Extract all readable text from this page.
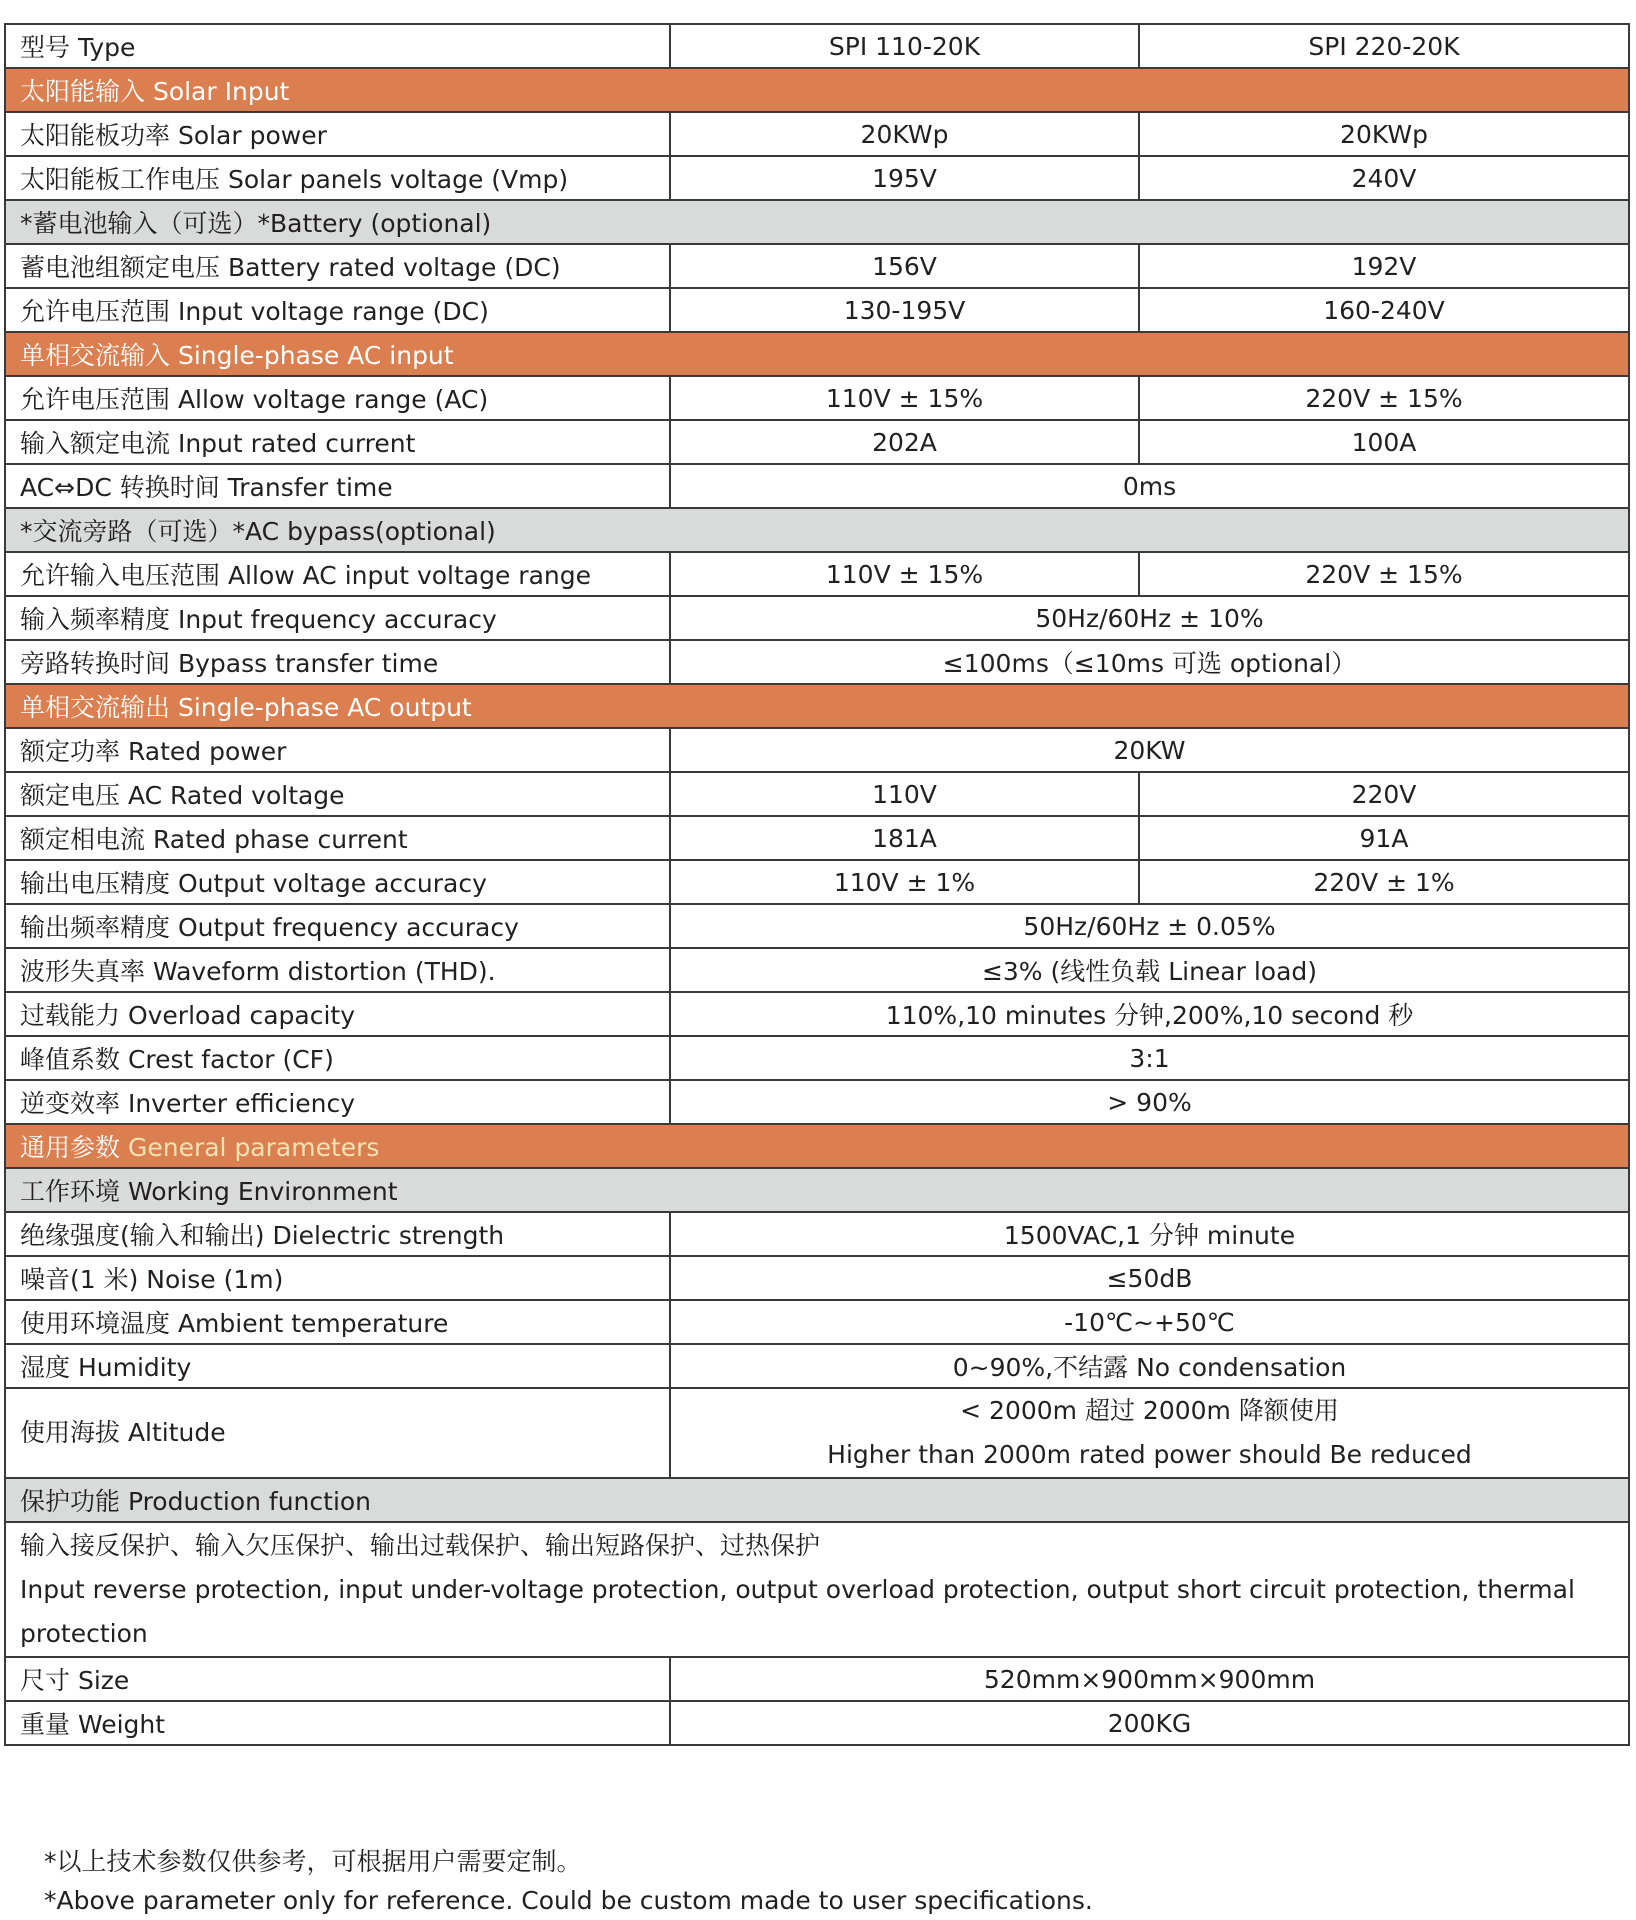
型号 Type	SPI 110-20K	SPI 220-20K
太阳能输入 Solar Input		
太阳能板功率 Solar power	20KWp	20KWp
太阳能板工作电压 Solar panels voltage (Vmp)	195V	240V
*蓄电池输入（可选）*Battery (optional)		
蓄电池组额定电压 Battery rated voltage (DC)	156V	192V
允许电压范围 Input voltage range (DC)	130-195V	160-240V
单相交流输入 Single-phase AC input		
允许电压范围 Allow voltage range (AC)	110V ± 15%	220V ± 15%
输入额定电流 Input rated current	202A	100A
AC⇔DC 转换时间 Transfer time	0ms	
*交流旁路（可选）*AC bypass(optional)		
允许输入电压范围 Allow AC input voltage range	110V ± 15%	220V ± 15%
输入频率精度 Input frequency accuracy	50Hz/60Hz ± 10%	
旁路转换时间 Bypass transfer time	≤100ms（≤10ms 可选 optional）	
单相交流输出 Single-phase AC output		
额定功率 Rated power	20KW	
额定电压 AC Rated voltage	110V	220V
额定相电流 Rated phase current	181A	91A
输出电压精度 Output voltage accuracy	110V ± 1%	220V ± 1%
输出频率精度 Output frequency accuracy	50Hz/60Hz ± 0.05%	
波形失真率 Waveform distortion (THD).	≤3% (线性负载 Linear load)	
过载能力 Overload capacity	110%,10 minutes 分钟,200%,10 second 秒	
峰值系数 Crest factor (CF)	3:1	
逆变效率 Inverter efficiency	> 90%	
通用参数 General parameters		
工作环境 Working Environment		
绝缘强度(输入和输出) Dielectric strength	1500VAC,1 分钟 minute	
噪音(1 米) Noise (1m)	≤50dB	
使用环境温度 Ambient temperature	-10℃~+50℃	
湿度 Humidity	0~90%,不结露 No condensation	
使用海拔 Altitude	< 2000m 超过 2000m 降额使用
Higher than 2000m rated power should Be reduced	

保护功能 Production function		

输入接反保护、输入欠压保护、输出过载保护、输出短路保护、过热保护
Input reverse protection, input under-voltage protection, output overload protection, output short circuit protection, thermal protection		

尺寸 Size	520mm×900mm×900mm	
重量 Weight	200KG	
*以上技术参数仅供参考，可根据用户需要定制。
*Above parameter only for reference. Could be custom made to user specifications.
